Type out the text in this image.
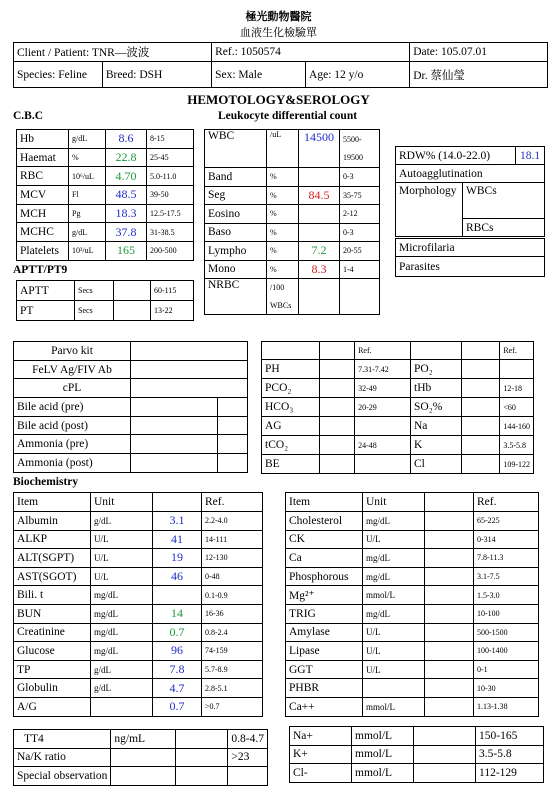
極光動物醫院
血液生化檢驗單
Client / Patient: TNR—波波		Ref.: 1050574		Date: 105.07.01
Species: Feline	Breed: DSH	Sex: Male	Age: 12 y/o	Dr. 蔡仙瑩
HEMOTOLOGY&SEROLOGY
C.B.C	Leukocyte differential count
Hb	g/dL	8.6	8-15
Haemat	%	22.8	25-45
RBC	10⁶/uL	4.70	5.0-11.0
MCV	Fl	48.5	39-50
MCH	Pg	18.3	12.5-17.5
MCHC	g/dL	37.8	31-38.5
Platelets	10³/uL	165	200-500
APTT/PT9
APTT	Secs		60-115
PT	Secs		13-22
WBC	/uL	14500	5500-
			19500
Band	%		0-3
Seg	%	84.5	35-75
Eosino	%		2-12
Baso	%		0-3
Lympho	%	7.2	20-55
Mono	%	8.3	1-4
NRBC	/100		
	WBCs		
RDW% (14.0-22.0)	18.1
Autoagglutination
Morphology	WBCs
RBCs
Microfilaria
Parasites
Parvo kit		
FeLV Ag/FIV Ab		
cPL		
Bile acid (pre)		
Bile acid (post)		
Ammonia (pre)		
Ammonia (post)		
		Ref.			Ref.
PH		7.31-7.42	PO₂		
PCO₂		32-49	tHb		12-18
HCO₃		20-29	SO₂%		<60
AG			Na		144-160
tCO₂		24-48	K		3.5-5.8
BE			Cl		109-122
Biochemistry
Item	Unit		Ref.
Albumin	g/dL	3.1	2.2-4.0
ALKP	U/L	41	14-111
ALT(SGPT)	U/L	19	12-130
AST(SGOT)	U/L	46	0-48
Bili. t	mg/dL		0.1-0.9
BUN	mg/dL	14	16-36
Creatinine	mg/dL	0.7	0.8-2.4
Glucose	mg/dL	96	74-159
TP	g/dL	7.8	5.7-8.9
Globulin	g/dL	4.7	2.8-5.1
A/G		0.7	>0.7
Item	Unit		Ref.
Cholesterol	mg/dL		65-225
CK	U/L		0-314
Ca	mg/dL		7.8-11.3
Phosphorous	mg/dL		3.1-7.5
Mg²⁺	mmol/L		1.5-3.0
TRIG	mg/dL		10-100
Amylase	U/L		500-1500
Lipase	U/L		100-1400
GGT	U/L		0-1
PHBR			10-30
Ca++	mmol/L		1.13-1.38
TT4	ng/mL		0.8-4.7
Na/K ratio			>23
Special observation			
Na+	mmol/L		150-165
K+	mmol/L		3.5-5.8
Cl-	mmol/L		112-129
